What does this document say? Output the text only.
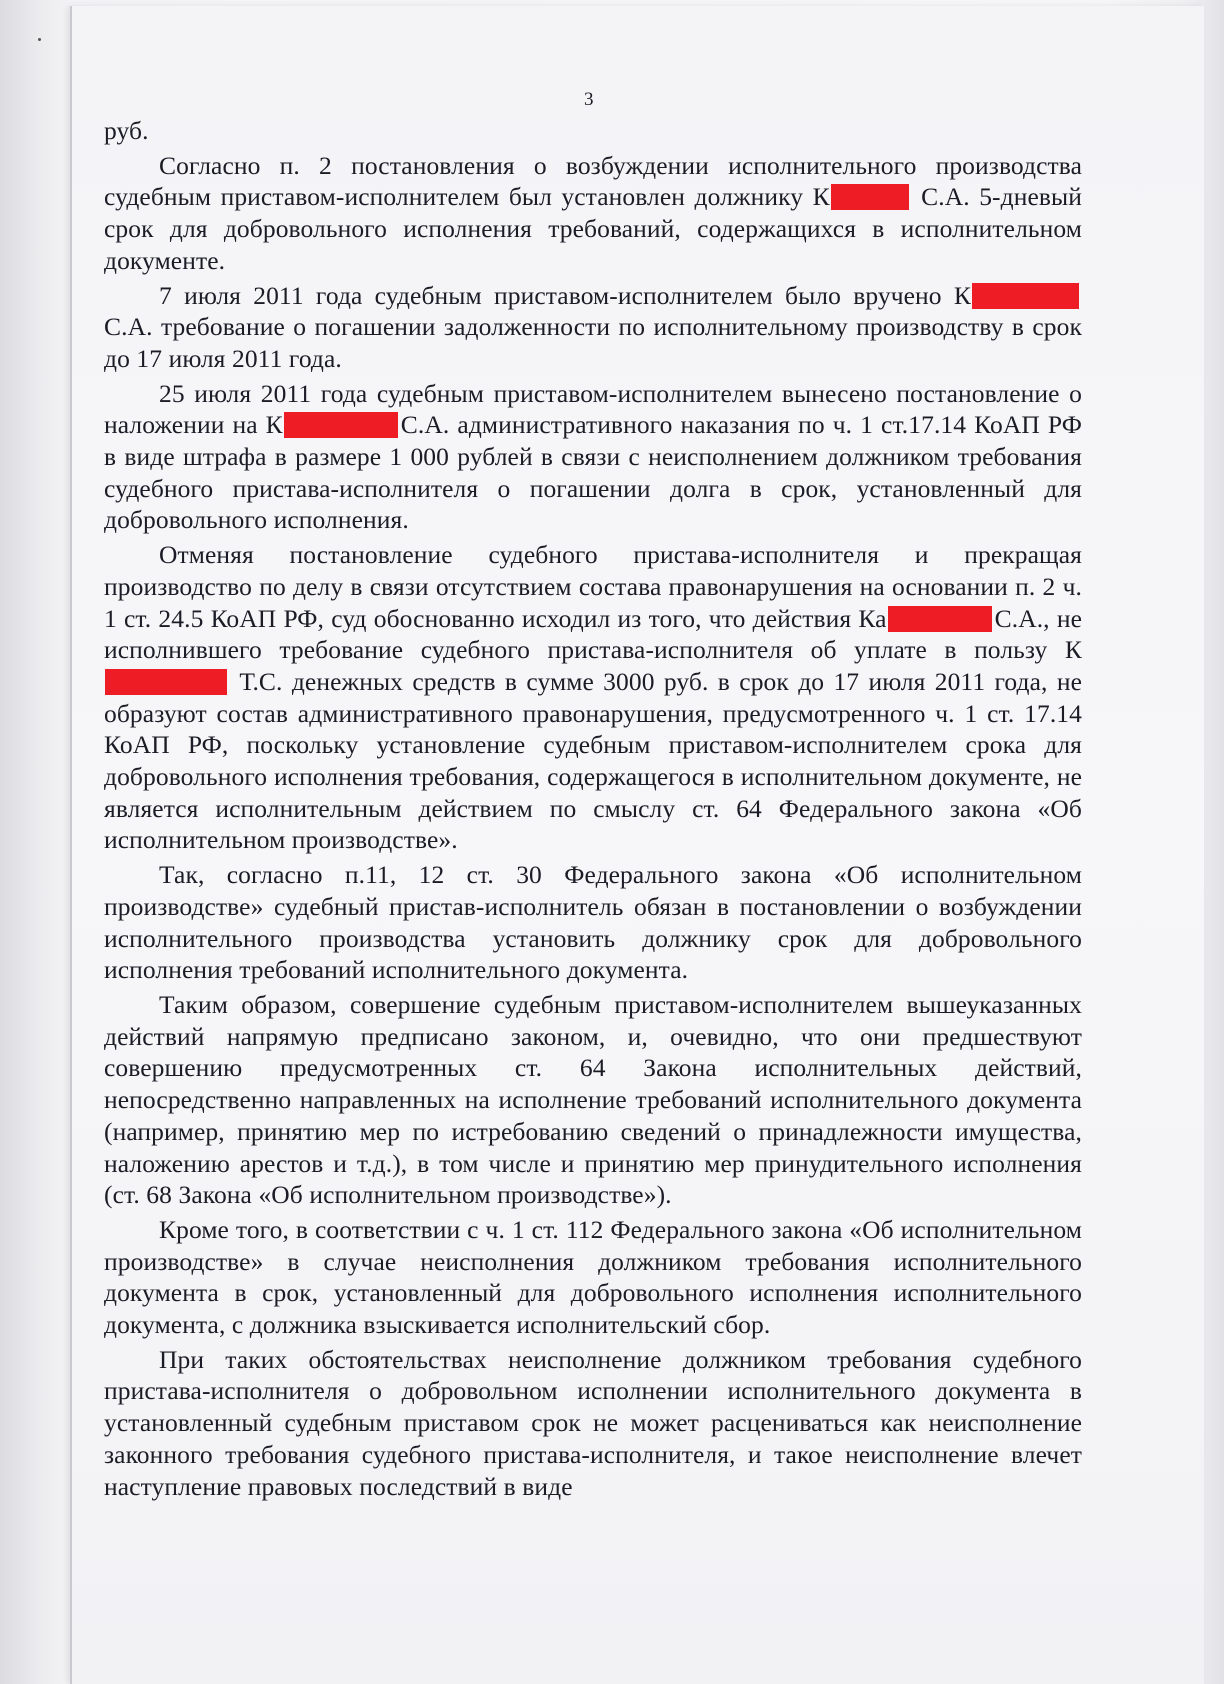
3

руб.

Согласно п. 2 постановления о возбуждении исполнительного производства судебным приставом-исполнителем был установлен должнику К	С.А. 5-дневый срок для добровольного исполнения требований, содержащихся в исполнительном документе.

7 июля 2011 года судебным приставом-исполнителем было вручено К С.А. требование о погашении задолженности по исполнительному производству в срок до 17 июля 2011 года.

25 июля 2011 года судебным приставом-исполнителем вынесено постановление о наложении на К	С.А. административного наказания по ч. 1 ст.17.14 КоАП РФ в виде штрафа в размере 1 000 рублей в связи с неисполнением должником требования судебного пристава-исполнителя о погашении долга в срок, установленный для добровольного исполнения.

Отменяя постановление судебного пристава-исполнителя и прекращая производство по делу в связи отсутствием состава правонарушения на основании п. 2 ч. 1 ст. 24.5 КоАП РФ, суд обоснованно исходил из того, что действия Ка	С.А., не исполнившего требование судебного пристава-исполнителя об уплате в пользу К Т.С. денежных средств в сумме 3000 руб. в срок до 17 июля 2011 года, не образуют состав административного правонарушения, предусмотренного ч. 1 ст. 17.14 КоАП РФ, поскольку установление судебным приставом-исполнителем срока для добровольного исполнения требования, содержащегося в исполнительном документе, не является исполнительным действием по смыслу ст. 64 Федерального закона «Об исполнительном производстве».

Так, согласно п.11, 12 ст. 30 Федерального закона «Об исполнительном производстве» судебный пристав-исполнитель обязан в постановлении о возбуждении исполнительного производства установить должнику срок для добровольного исполнения требований исполнительного документа.

Таким образом, совершение судебным приставом-исполнителем вышеуказанных действий напрямую предписано законом, и, очевидно, что они предшествуют совершению предусмотренных ст. 64 Закона исполнительных действий, непосредственно направленных на исполнение требований исполнительного документа (например, принятию мер по истребованию сведений о принадлежности имущества, наложению арестов и т.д.), в том числе и принятию мер принудительного исполнения (ст. 68 Закона «Об исполнительном производстве»).

Кроме того, в соответствии с ч. 1 ст. 112 Федерального закона «Об исполнительном производстве» в случае неисполнения должником требования исполнительного документа в срок, установленный для добровольного исполнения исполнительного документа, с должника взыскивается исполнительский сбор.

При таких обстоятельствах неисполнение должником требования судебного пристава-исполнителя о добровольном исполнении исполнительного документа в установленный судебным приставом срок не может расцениваться как неисполнение законного требования судебного пристава-исполнителя, и такое неисполнение влечет наступление правовых последствий в виде
